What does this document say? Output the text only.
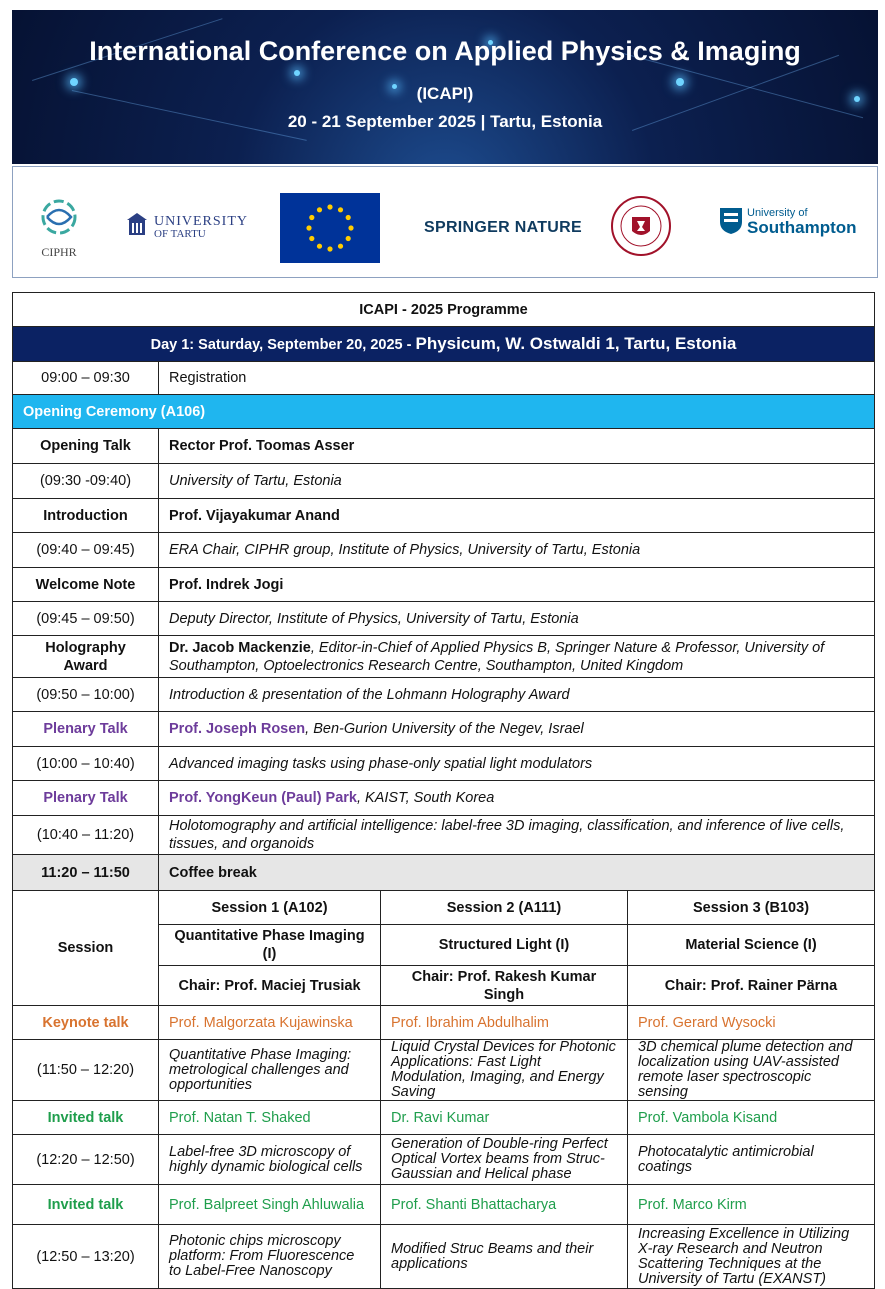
International Conference on Applied Physics & Imaging
(ICAPI)
20 - 21 September 2025 | Tartu, Estonia
CIPHR
UNIVERSITY
OF TARTU	SPRINGER NATURE
University of
Southampton
ICAPI - 2025 Programme			
Day 1: Saturday, September 20, 2025 - Physicum, W. Ostwaldi 1, Tartu, Estonia			
09:00 – 09:30	Registration		
Opening Ceremony (A106)			
Opening Talk	Rector Prof. Toomas Asser		
(09:30 -09:40)	University of Tartu, Estonia		
Introduction	Prof. Vijayakumar Anand		
(09:40 – 09:45)	ERA Chair, CIPHR group, Institute of Physics, University of Tartu, Estonia		
Welcome Note	Prof. Indrek Jogi		
(09:45 – 09:50)	Deputy Director, Institute of Physics, University of Tartu, Estonia		
Holography Award	Dr. Jacob Mackenzie, Editor-in-Chief of Applied Physics B, Springer Nature & Professor, University of Southampton, Optoelectronics Research Centre, Southampton, United Kingdom		
(09:50 – 10:00)	Introduction & presentation of the Lohmann Holography Award		
Plenary Talk	Prof. Joseph Rosen, Ben-Gurion University of the Negev, Israel		
(10:00 – 10:40)	Advanced imaging tasks using phase-only spatial light modulators		
Plenary Talk	Prof. YongKeun (Paul) Park, KAIST, South Korea		
(10:40 – 11:20)	Holotomography and artificial intelligence: label-free 3D imaging, classification, and inference of live cells, tissues, and organoids		
11:20 – 11:50	Coffee break		
Session	Session 1 (A102)	Session 2 (A111)	Session 3 (B103)
	Quantitative Phase Imaging (I)	Structured Light (I)	Material Science (I)
	Chair: Prof. Maciej Trusiak	Chair: Prof. Rakesh Kumar Singh	Chair: Prof. Rainer Pärna
Keynote talk	Prof. Malgorzata Kujawinska	Prof. Ibrahim Abdulhalim	Prof. Gerard Wysocki
(11:50 – 12:20)	Quantitative Phase Imaging: metrological challenges and opportunities	Liquid Crystal Devices for Photonic Applications: Fast Light Modulation, Imaging, and Energy Saving	3D chemical plume detection and localization using UAV-assisted remote laser spectroscopic sensing
Invited talk	Prof. Natan T. Shaked	Dr. Ravi Kumar	Prof. Vambola Kisand
(12:20 – 12:50)	Label-free 3D microscopy of highly dynamic biological cells	Generation of Double-ring Perfect Optical Vortex beams from Struc-Gaussian and Helical phase	Photocatalytic antimicrobial coatings
Invited talk	Prof. Balpreet Singh Ahluwalia	Prof. Shanti Bhattacharya	Prof. Marco Kirm
(12:50 – 13:20)	Photonic chips microscopy platform: From Fluorescence to Label-Free Nanoscopy	Modified Struc Beams and their applications	Increasing Excellence in Utilizing X-ray Research and Neutron Scattering Techniques at the University of Tartu (EXANST)
